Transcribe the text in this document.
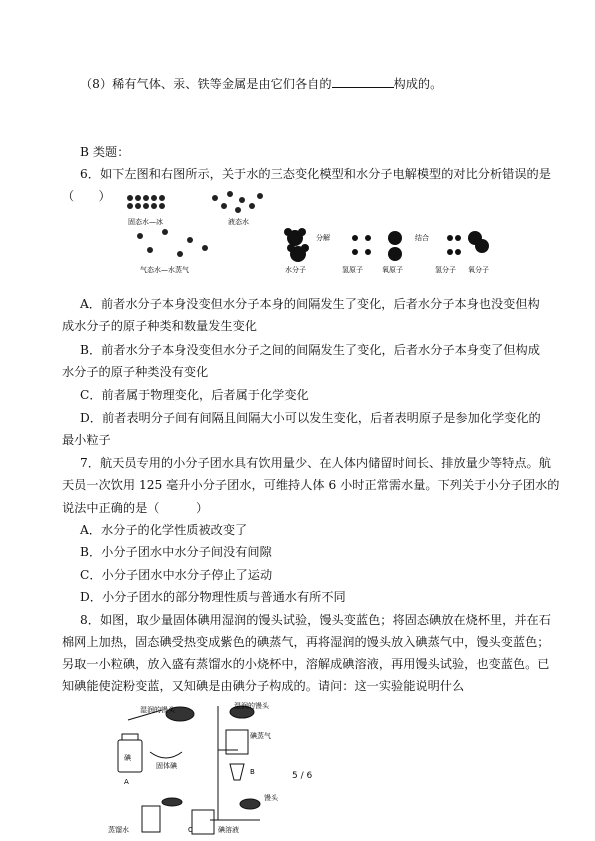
（8）稀有气体、汞、铁等金属是由它们各自的	构成的。
B 类题：
6．如下左图和右图所示，关于水的三态变化模型和水分子电解模型的对比分析错误的是
（　　）
固态水—冰	液态水
气态水—水蒸气
分解	结合
水分子	氢原子	氧原子	氢分子 氧分子
A．前者水分子本身没变但水分子本身的间隔发生了变化，后者水分子本身也没变但构
成水分子的原子种类和数量发生变化
B．前者水分子本身没变但水分子之间的间隔发生了变化，后者水分子本身变了但构成
水分子的原子种类没有变化
C．前者属于物理变化，后者属于化学变化
D．前者表明分子间有间隔且间隔大小可以发生变化，后者表明原子是参加化学变化的
最小粒子
7．航天员专用的小分子团水具有饮用量少、在人体内储留时间长、排放量少等特点。航
天员一次饮用 125 毫升小分子团水，可维持人体 6 小时正常需水量。下列关于小分子团水的
说法中正确的是（　　　）
A．水分子的化学性质被改变了
B．小分子团水中水分子间没有间隙
C．小分子团水中水分子停止了运动
D．小分子团水的部分物理性质与普通水有所不同
8．如图，取少量固体碘用湿润的馒头试验，馒头变蓝色；将固态碘放在烧杯里，并在石
棉网上加热，固态碘受热变成紫色的碘蒸气，再将湿润的馒头放入碘蒸气中，馒头变蓝色；
另取一小粒碘，放入盛有蒸馏水的小烧杯中，溶解成碘溶液，再用馒头试验，也变蓝色。已
知碘能使淀粉变蓝，又知碘是由碘分子构成的。请问：这一实验能说明什么
湿润的馒头	湿润的馒头
碘蒸气
碘
固体碘
A
B
C
馒头
蒸馏水	碘溶液
5 / 6
